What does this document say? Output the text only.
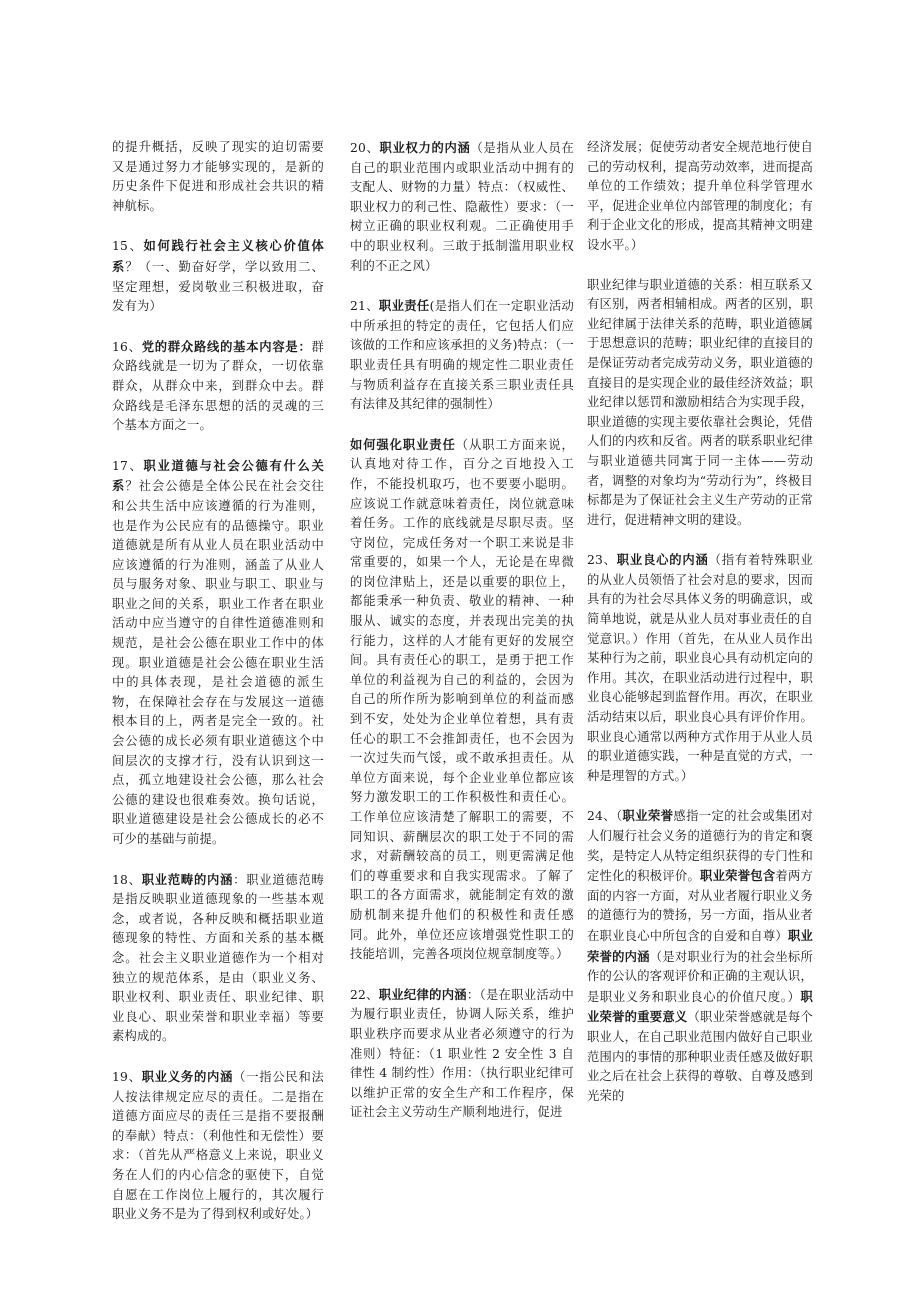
的提升概括，反映了现实的迫切需要又是通过努力才能够实现的，是新的历史条件下促进和形成社会共识的精神航标。

15、如何践行社会主义核心价值体系？（一、勤奋好学，学以致用二、坚定理想，爱岗敬业三积极进取，奋发有为）

16、党的群众路线的基本内容是：群众路线就是一切为了群众，一切依靠群众，从群众中来，到群众中去。群众路线是毛泽东思想的活的灵魂的三个基本方面之一。

17、职业道德与社会公德有什么关系？社会公德是全体公民在社会交往和公共生活中应该遵循的行为准则，也是作为公民应有的品德操守。职业道德就是所有从业人员在职业活动中应该遵循的行为准则，涵盖了从业人员与服务对象、职业与职工、职业与职业之间的关系，职业工作者在职业活动中应当遵守的自律性道德准则和规范，是社会公德在职业工作中的体现。职业道德是社会公德在职业生活中的具体表现，是社会道德的派生物，在保障社会存在与发展这一道德根本目的上，两者是完全一致的。社会公德的成长必须有职业道德这个中间层次的支撑才行，没有认识到这一点，孤立地建设社会公德，那么社会公德的建设也很难奏效。换句话说，职业道德建设是社会公德成长的必不可少的基础与前提。

18、职业范畴的内涵：职业道德范畴是指反映职业道德现象的一些基本观念，或者说，各种反映和概括职业道德现象的特性、方面和关系的基本概念。社会主义职业道德作为一个相对独立的规范体系，是由（职业义务、职业权利、职业责任、职业纪律、职业良心、职业荣誉和职业幸福）等要素构成的。

19、职业义务的内涵（一指公民和法人按法律规定应尽的责任。二是指在道德方面应尽的责任三是指不要报酬的奉献）特点：（利他性和无偿性）要求：（首先从严格意义上来说，职业义务在人们的内心信念的驱使下，自觉自愿在工作岗位上履行的，其次履行职业义务不是为了得到权利或好处。）

20、职业权力的内涵（是指从业人员在自己的职业范围内或职业活动中拥有的支配人、财物的力量）特点：（权威性、职业权力的利己性、隐蔽性）要求：（一树立正确的职业权利观。二正确使用手中的职业权利。三敢于抵制滥用职业权利的不正之风）

21、职业责任(是指人们在一定职业活动中所承担的特定的责任，它包括人们应该做的工作和应该承担的义务)特点：（一职业责任具有明确的规定性二职业责任与物质利益存在直接关系三职业责任具有法律及其纪律的强制性）

如何强化职业责任（从职工方面来说，认真地对待工作，百分之百地投入工作，不能投机取巧，也不要要小聪明。应该说工作就意味着责任，岗位就意味着任务。工作的底线就是尽职尽责。坚守岗位，完成任务对一个职工来说是非常重要的，如果一个人，无论是在卑微的岗位津贴上，还是以重要的职位上，都能秉承一种负责、敬业的精神、一种服从、诚实的态度，并表现出完美的执行能力，这样的人才能有更好的发展空间。具有责任心的职工，是勇于把工作单位的利益视为自己的利益的，会因为自己的所作所为影响到单位的利益而感到不安，处处为企业单位着想，具有责任心的职工不会推卸责任，也不会因为一次过失而气馁，或不敢承担责任。从单位方面来说，每个企业业单位都应该努力激发职工的工作积极性和责任心。工作单位应该清楚了解职工的需要，不同知识、薪酬层次的职工处于不同的需求，对薪酬较高的员工，则更需满足他们的尊重要求和自我实现需求。了解了职工的各方面需求，就能制定有效的激励机制来提升他们的积极性和责任感同。此外，单位还应该增强党性职工的技能培训，完善各项岗位规章制度等。）

22、职业纪律的内涵：（是在职业活动中为履行职业责任，协调人际关系，维护职业秩序而要求从业者必须遵守的行为准则）特征：（1 职业性 2 安全性 3 自律性 4 制约性）作用：（执行职业纪律可以维护正常的安全生产和工作程序，保证社会主义劳动生产顺利地进行，促进

经济发展；促使劳动者安全规范地行使自己的劳动权利，提高劳动效率，进而提高单位的工作绩效；提升单位科学管理水平，促进企业单位内部管理的制度化；有利于企业文化的形成，提高其精神文明建设水平。）

职业纪律与职业道德的关系：相互联系又有区别，两者相辅相成。两者的区别，职业纪律属于法律关系的范畴，职业道德属于思想意识的范畴；职业纪律的直接目的是保证劳动者完成劳动义务，职业道德的直接目的是实现企业的最佳经济效益；职业纪律以惩罚和激励相结合为实现手段，职业道德的实现主要依靠社会舆论，凭借人们的内疚和反省。两者的联系职业纪律与职业道德共同寓于同一主体——劳动者，调整的对象均为“劳动行为”，终极目标都是为了保证社会主义生产劳动的正常进行，促进精神文明的建设。

23、职业良心的内涵（指有着特殊职业的从业人员领悟了社会对息的要求，因而具有的为社会尽具体义务的明确意识，或简单地说，就是从业人员对事业责任的自觉意识。）作用（首先，在从业人员作出某种行为之前，职业良心具有动机定向的作用。其次，在职业活动进行过程中，职业良心能够起到监督作用。再次，在职业活动结束以后，职业良心具有评价作用。职业良心通常以两种方式作用于从业人员的职业道德实践，一种是直觉的方式，一种是理智的方式。）

24、（职业荣誉感指一定的社会或集团对人们履行社会义务的道德行为的肯定和褒奖，是特定人从特定组织获得的专门性和定性化的积极评价。职业荣誉包含着两方面的内容一方面，对从业者履行职业义务的道德行为的赞扬，另一方面，指从业者在职业良心中所包含的自爱和自尊）职业荣誉的内涵（是对职业行为的社会坐标所作的公认的客观评价和正确的主观认识，是职业义务和职业良心的价值尺度。）职业荣誉的重要意义（职业荣誉感就是每个职业人，在自己职业范围内做好自己职业范围内的事情的那种职业责任感及做好职业之后在社会上获得的尊敬、自尊及感到光荣的
